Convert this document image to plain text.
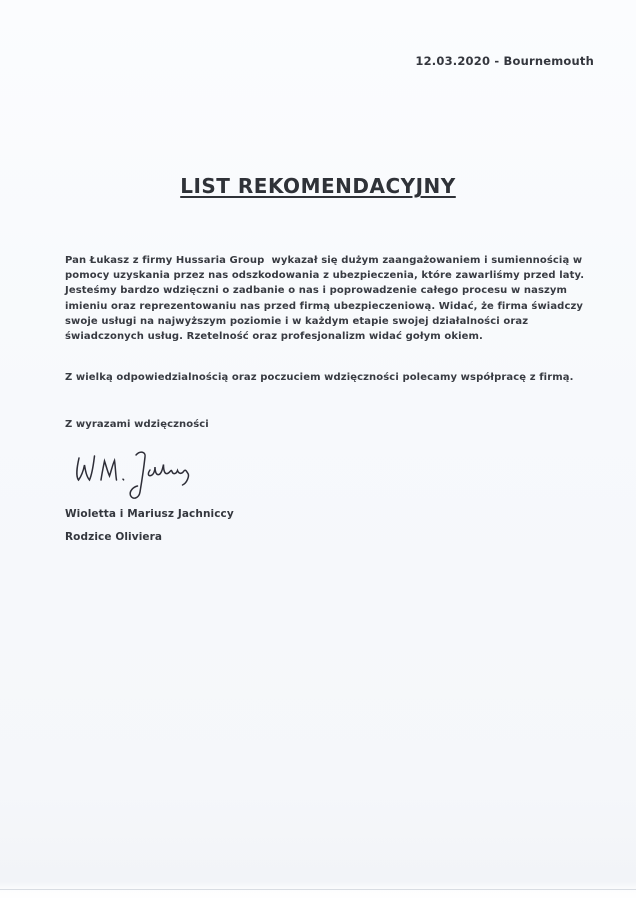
12.03.2020 - Bournemouth
LIST REKOMENDACYJNY
Pan Łukasz z firmy Hussaria Group  wykazał się dużym zaangażowaniem i sumiennością w pomocy uzyskania przez nas odszkodowania z ubezpieczenia, które zawarliśmy przed laty. Jesteśmy bardzo wdzięczni o zadbanie o nas i poprowadzenie całego procesu w naszym imieniu oraz reprezentowaniu nas przed firmą ubezpieczeniową. Widać, że firma świadczy swoje usługi na najwyższym poziomie i w każdym etapie swojej działalności oraz świadczonych usług. Rzetelność oraz profesjonalizm widać gołym okiem.
Z wielką odpowiedzialnością oraz poczuciem wdzięczności polecamy współpracę z firmą.
Z wyrazami wdzięczności
Wioletta i Mariusz Jachniccy
Rodzice Oliviera
